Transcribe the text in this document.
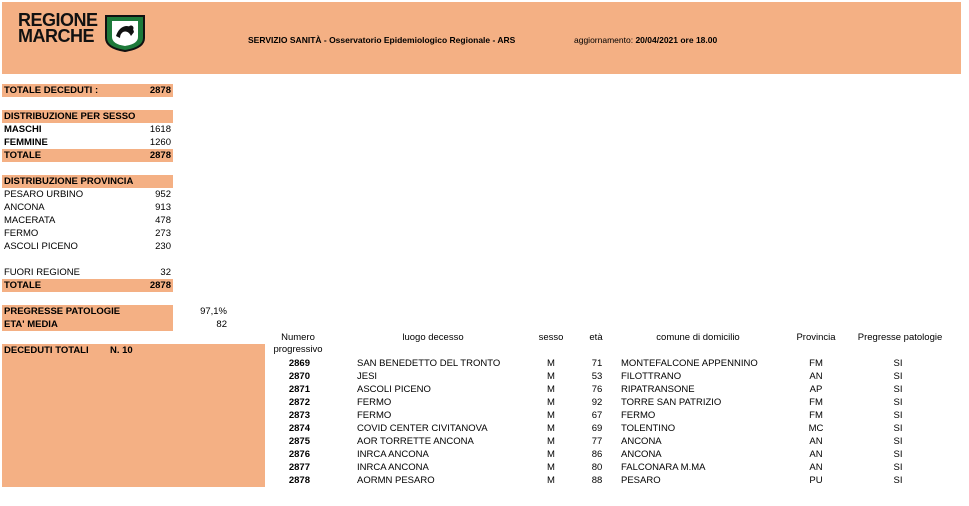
REGIONE
MARCHE	SERVIZIO SANITÀ - Osservatorio Epidemiologico Regionale - ARS	aggiornamento: 20/04/2021 ore 18.00
TOTALE DECEDUTI :	2878
DISTRIBUZIONE PER SESSO
MASCHI	1618
FEMMINE	1260
TOTALE	2878
DISTRIBUZIONE PROVINCIA
PESARO URBINO	952
ANCONA	913
MACERATA	478
FERMO	273
ASCOLI PICENO	230
FUORI REGIONE	32
TOTALE	2878
PREGRESSE PATOLOGIE	97,1%
ETA' MEDIA	82
DECEDUTI TOTALI N. 10
Numero
progressivo
luogo decesso	sesso	età	comune di domicilio	Provincia	Pregresse patologie
2869	SAN BENEDETTO DEL TRONTO	M	71	MONTEFALCONE APPENNINO	FM	SI
2870	JESI	M	53	FILOTTRANO	AN	SI
2871	ASCOLI PICENO	M	76	RIPATRANSONE	AP	SI
2872	FERMO	M	92	TORRE SAN PATRIZIO	FM	SI
2873	FERMO	M	67	FERMO	FM	SI
2874	COVID CENTER CIVITANOVA	M	69	TOLENTINO	MC	SI
2875	AOR TORRETTE ANCONA	M	77	ANCONA	AN	SI
2876	INRCA ANCONA	M	86	ANCONA	AN	SI
2877	INRCA ANCONA	M	80	FALCONARA M.MA	AN	SI
2878	AORMN PESARO	M	88	PESARO	PU	SI
